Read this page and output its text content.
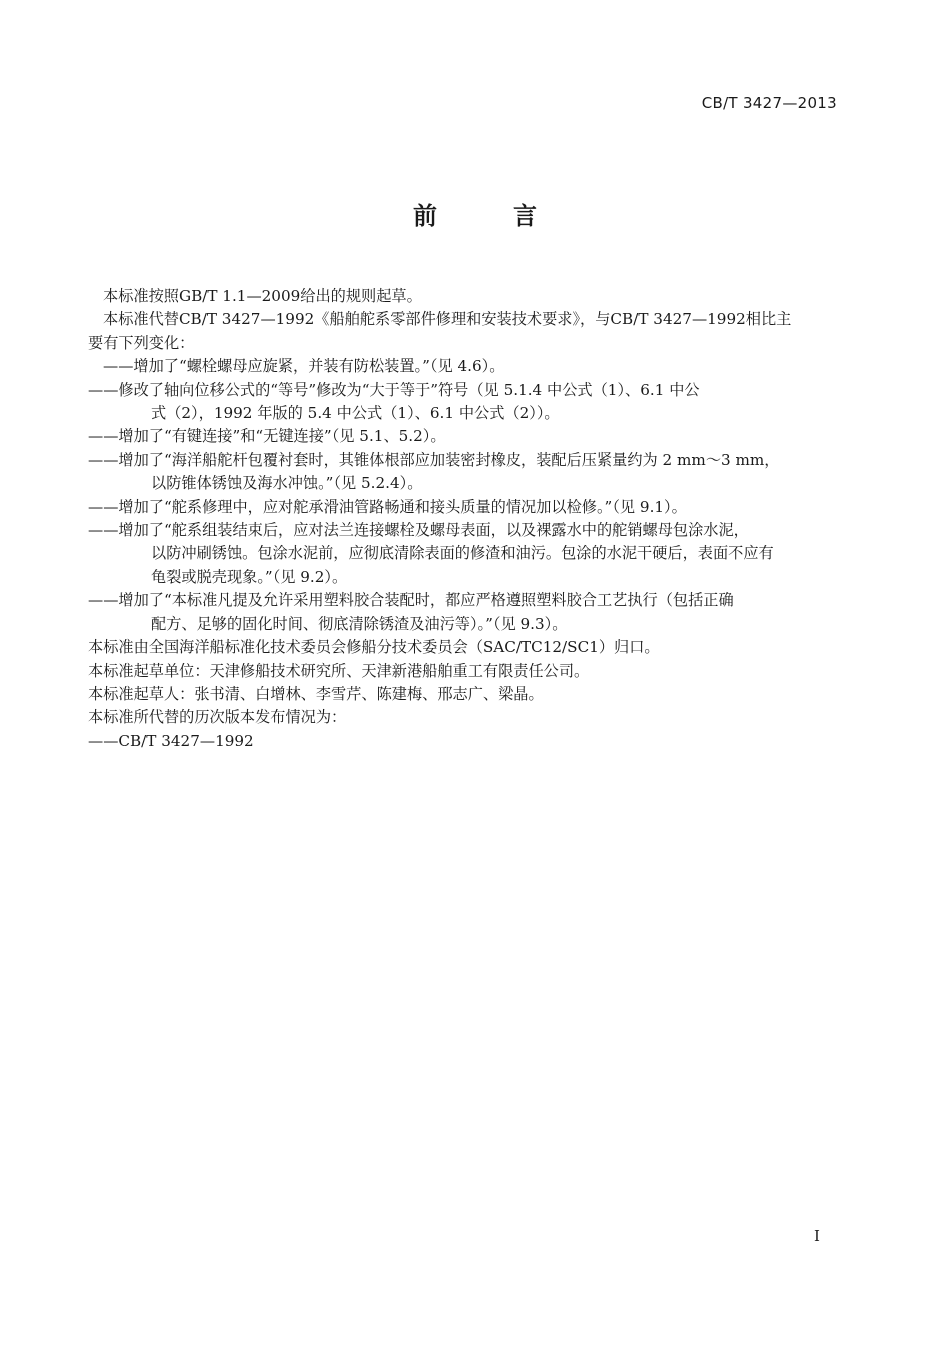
CB/T 3427—2013
前	言

本标准按照GB/T 1.1—2009给出的规则起草。

本标准代替CB/T 3427—1992《船舶舵系零部件修理和安装技术要求》，与CB/T 3427—1992相比主

要有下列变化：

——增加了“螺栓螺母应旋紧，并装有防松装置。”（见 4.6）。
——修改了轴向位移公式的“等号”修改为“大于等于”符号（见 5.1.4 中公式（1）、6.1 中公
式（2），1992 年版的 5.4 中公式（1）、6.1 中公式（2））。
——增加了“有键连接”和“无键连接”（见 5.1、5.2）。
——增加了“海洋船舵杆包覆衬套时，其锥体根部应加装密封橡皮，装配后压紧量约为 2 mm～3 mm，
以防锥体锈蚀及海水冲蚀。”（见 5.2.4）。
——增加了“舵系修理中，应对舵承滑油管路畅通和接头质量的情况加以检修。”（见 9.1）。
——增加了“舵系组装结束后，应对法兰连接螺栓及螺母表面，以及裸露水中的舵销螺母包涂水泥，
以防冲刷锈蚀。包涂水泥前，应彻底清除表面的修渣和油污。包涂的水泥干硬后，表面不应有
龟裂或脱壳现象。”（见 9.2）。
——增加了“本标准凡提及允许采用塑料胶合装配时，都应严格遵照塑料胶合工艺执行（包括正确
配方、足够的固化时间、彻底清除锈渣及油污等）。”（见 9.3）。

本标准由全国海洋船标准化技术委员会修船分技术委员会（SAC/TC12/SC1）归口。

本标准起草单位：天津修船技术研究所、天津新港船舶重工有限责任公司。

本标准起草人：张书清、白增林、李雪芹、陈建梅、邢志广、梁晶。

本标准所代替的历次版本发布情况为：

——CB/T 3427—1992

I
